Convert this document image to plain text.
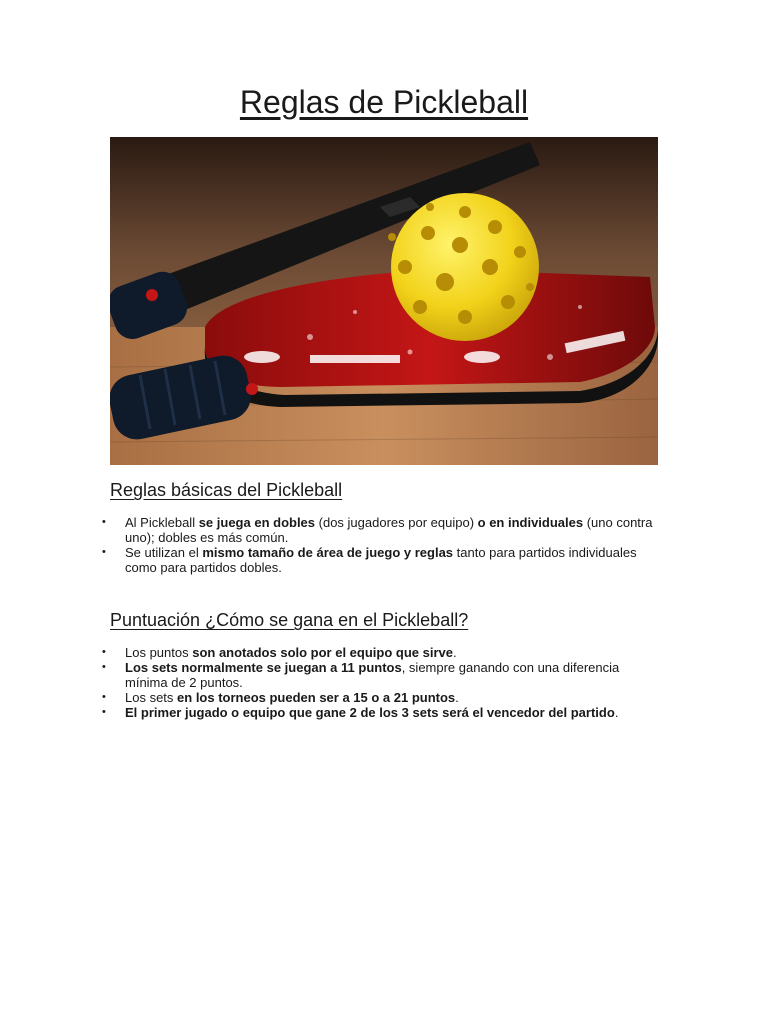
Reglas de Pickleball
Reglas básicas del Pickleball
• Al Pickleball se juega en dobles (dos jugadores por equipo) o en individuales (uno contra uno); dobles es más común.
• Se utilizan el mismo tamaño de área de juego y reglas tanto para partidos individuales como para partidos dobles.
Puntuación ¿Cómo se gana en el Pickleball?
• Los puntos son anotados solo por el equipo que sirve.
• Los sets normalmente se juegan a 11 puntos, siempre ganando con una diferencia mínima de 2 puntos.
• Los sets en los torneos pueden ser a 15 o a 21 puntos.
• El primer jugado o equipo que gane 2 de los 3 sets será el vencedor del partido.
